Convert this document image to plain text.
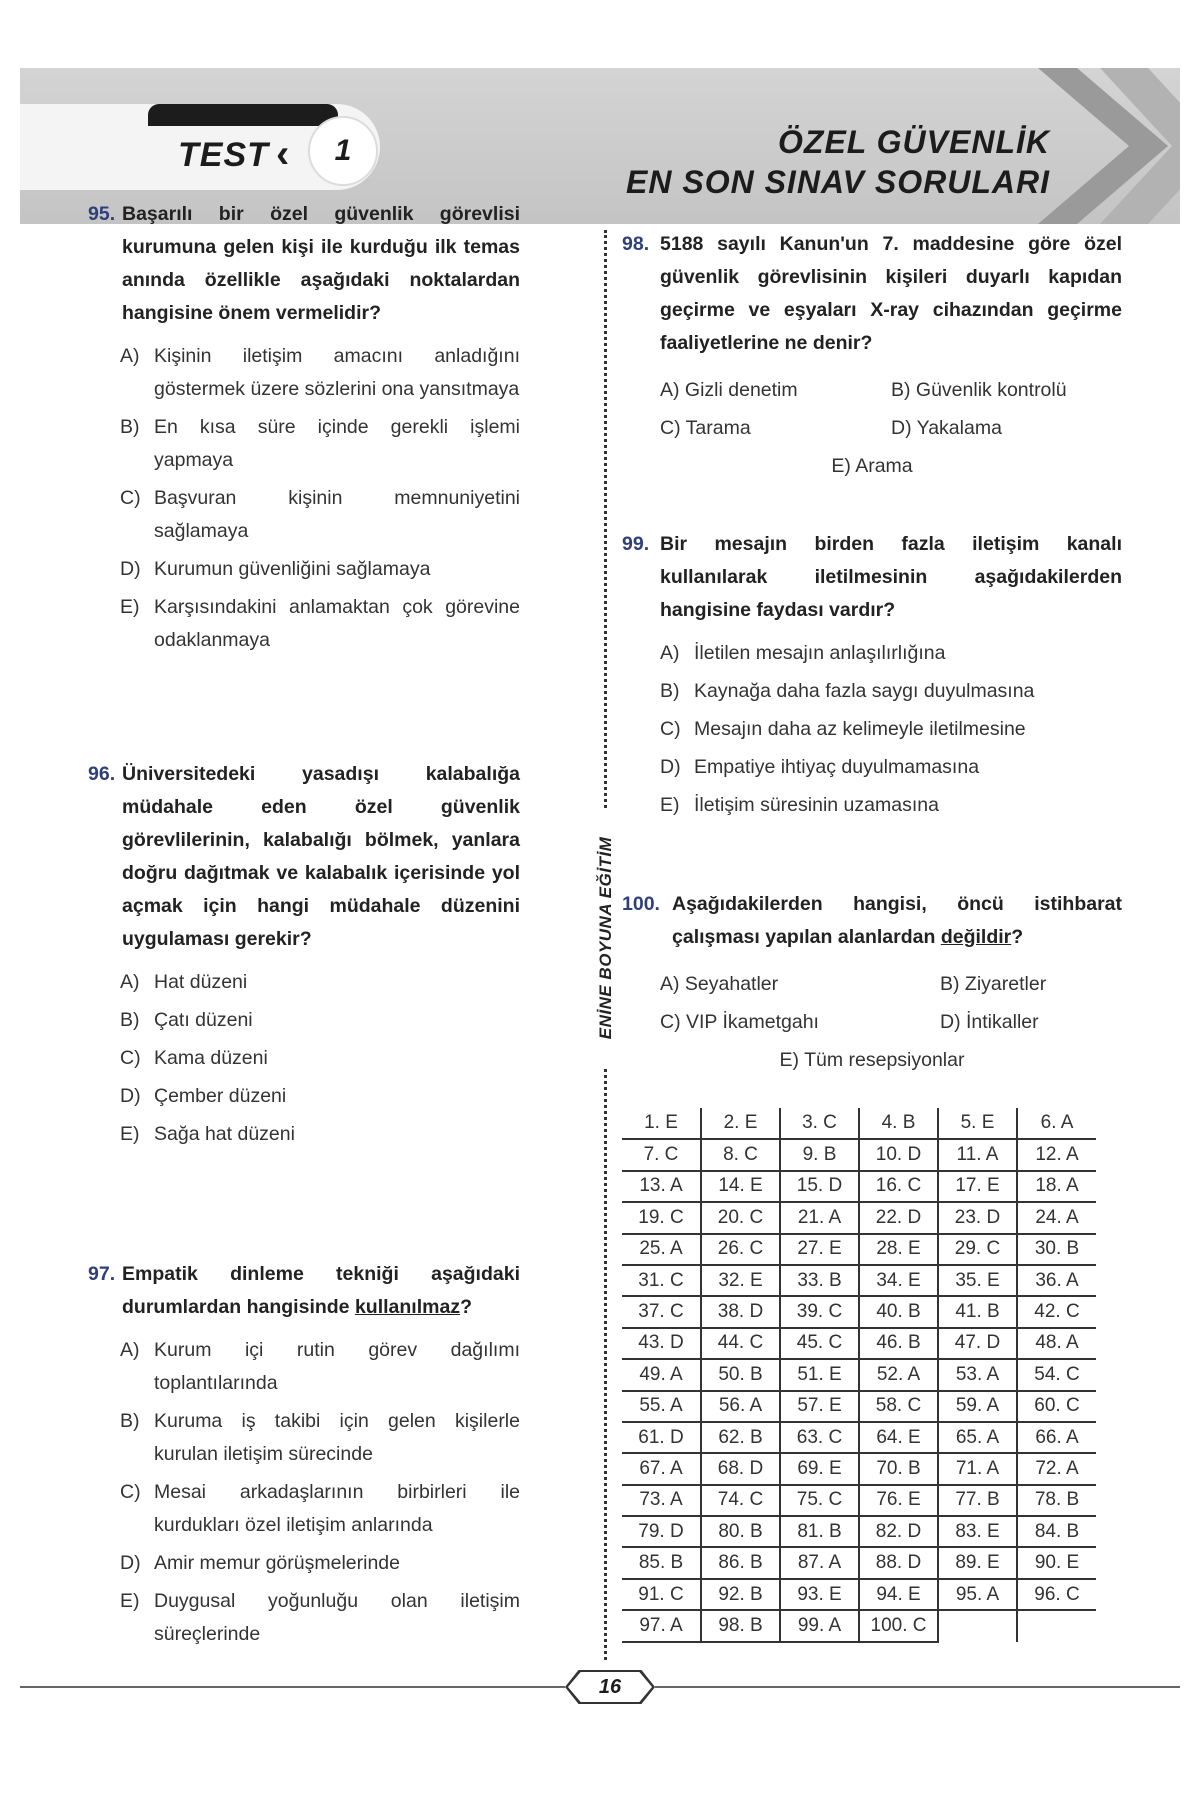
TEST ‹	1	ÖZEL GÜVENLİK
EN SON SINAV SORULARI
95. Başarılı bir özel güvenlik görevlisi kurumuna gelen kişi ile kurduğu ilk temas anında özellikle aşağıdaki noktalardan hangisine önem vermelidir?
A) Kişinin iletişim amacını anladığını göstermek üzere sözlerini ona yansıtmaya
B) En kısa süre içinde gerekli işlemi yapmaya
C) Başvuran kişinin memnuniyetini sağlamaya
D) Kurumun güvenliğini sağlamaya
E) Karşısındakini anlamaktan çok görevine odaklanmaya
96. Üniversitedeki yasadışı kalabalığa müdahale eden özel güvenlik görevlilerinin, kalabalığı bölmek, yanlara doğru dağıtmak ve kalabalık içerisinde yol açmak için hangi müdahale düzenini uygulaması gerekir?
A) Hat düzeni
B) Çatı düzeni
C) Kama düzeni
D) Çember düzeni
E) Sağa hat düzeni
97. Empatik dinleme tekniği aşağıdaki durumlardan hangisinde kullanılmaz?
A) Kurum içi rutin görev dağılımı toplantılarında
B) Kuruma iş takibi için gelen kişilerle kurulan iletişim sürecinde
C) Mesai arkadaşlarının birbirleri ile kurdukları özel iletişim anlarında
D) Amir memur görüşmelerinde
E) Duygusal yoğunluğu olan iletişim süreçlerinde
ENİNE BOYUNA EĞİTİM
98. 5188 sayılı Kanun'un 7. maddesine göre özel güvenlik görevlisinin kişileri duyarlı kapıdan geçirme ve eşyaları X-ray cihazından geçirme faaliyetlerine ne denir?
A) Gizli denetim	B) Güvenlik kontrolü
C) Tarama	D) Yakalama
E) Arama
99. Bir mesajın birden fazla iletişim kanalı kullanılarak iletilmesinin aşağıdakilerden hangisine faydası vardır?
A) İletilen mesajın anlaşılırlığına
B) Kaynağa daha fazla saygı duyulmasına
C) Mesajın daha az kelimeyle iletilmesine
D) Empatiye ihtiyaç duyulmamasına
E) İletişim süresinin uzamasına
100. Aşağıdakilerden hangisi, öncü istihbarat çalışması yapılan alanlardan değildir?
A) Seyahatler	B) Ziyaretler
C) VIP İkametgahı	D) İntikaller
E) Tüm resepsiyonlar
1. E	2. E	3. C	4. B	5. E	6. A
7. C	8. C	9. B	10. D	11. A	12. A
13. A	14. E	15. D	16. C	17. E	18. A
19. C	20. C	21. A	22. D	23. D	24. A
25. A	26. C	27. E	28. E	29. C	30. B
31. C	32. E	33. B	34. E	35. E	36. A
37. C	38. D	39. C	40. B	41. B	42. C
43. D	44. C	45. C	46. B	47. D	48. A
49. A	50. B	51. E	52. A	53. A	54. C
55. A	56. A	57. E	58. C	59. A	60. C
61. D	62. B	63. C	64. E	65. A	66. A
67. A	68. D	69. E	70. B	71. A	72. A
73. A	74. C	75. C	76. E	77. B	78. B
79. D	80. B	81. B	82. D	83. E	84. B
85. B	86. B	87. A	88. D	89. E	90. E
91. C	92. B	93. E	94. E	95. A	96. C
97. A	98. B	99. A	100. C		
16
